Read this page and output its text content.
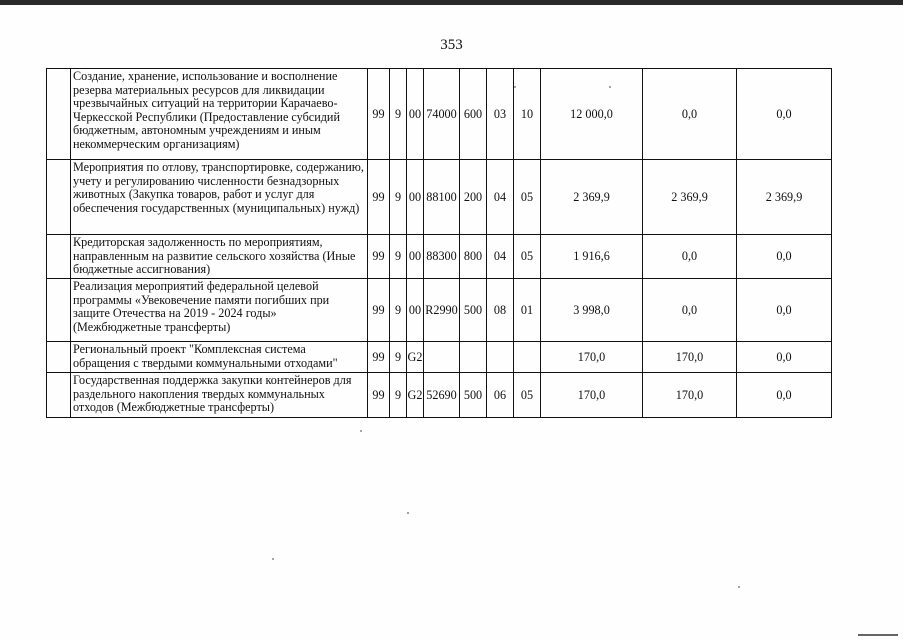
353
	Создание, хранение, использование и восполнение резерва материальных ресурсов для ликвидации чрезвычайных ситуаций на территории Карачаево-Черкесской Республики (Предоставление субсидий бюджетным, автономным учреждениям и иным некоммерческим организациям)	99	9	00	74000	600	03	10	12 000,0	0,0	0,0
	Мероприятия по отлову, транспортировке, содержанию, учету и регулированию численности безнадзорных животных (Закупка товаров, работ и услуг для обеспечения государственных (муниципальных) нужд)	99	9	00	88100	200	04	05	2 369,9	2 369,9	2 369,9
	Кредиторская задолженность по мероприятиям, направленным на развитие сельского хозяйства (Иные бюджетные ассигнования)	99	9	00	88300	800	04	05	1 916,6	0,0	0,0
	Реализация мероприятий федеральной целевой программы «Увековечение памяти погибших при защите Отечества на 2019 - 2024 годы» (Межбюджетные трансферты)	99	9	00	R2990	500	08	01	3 998,0	0,0	0,0
	Региональный проект "Комплексная система обращения с твердыми коммунальными отходами"	99	9	G2					170,0	170,0	0,0
	Государственная поддержка закупки контейнеров для раздельного накопления твердых коммунальных отходов (Межбюджетные трансферты)	99	9	G2	52690	500	06	05	170,0	170,0	0,0
